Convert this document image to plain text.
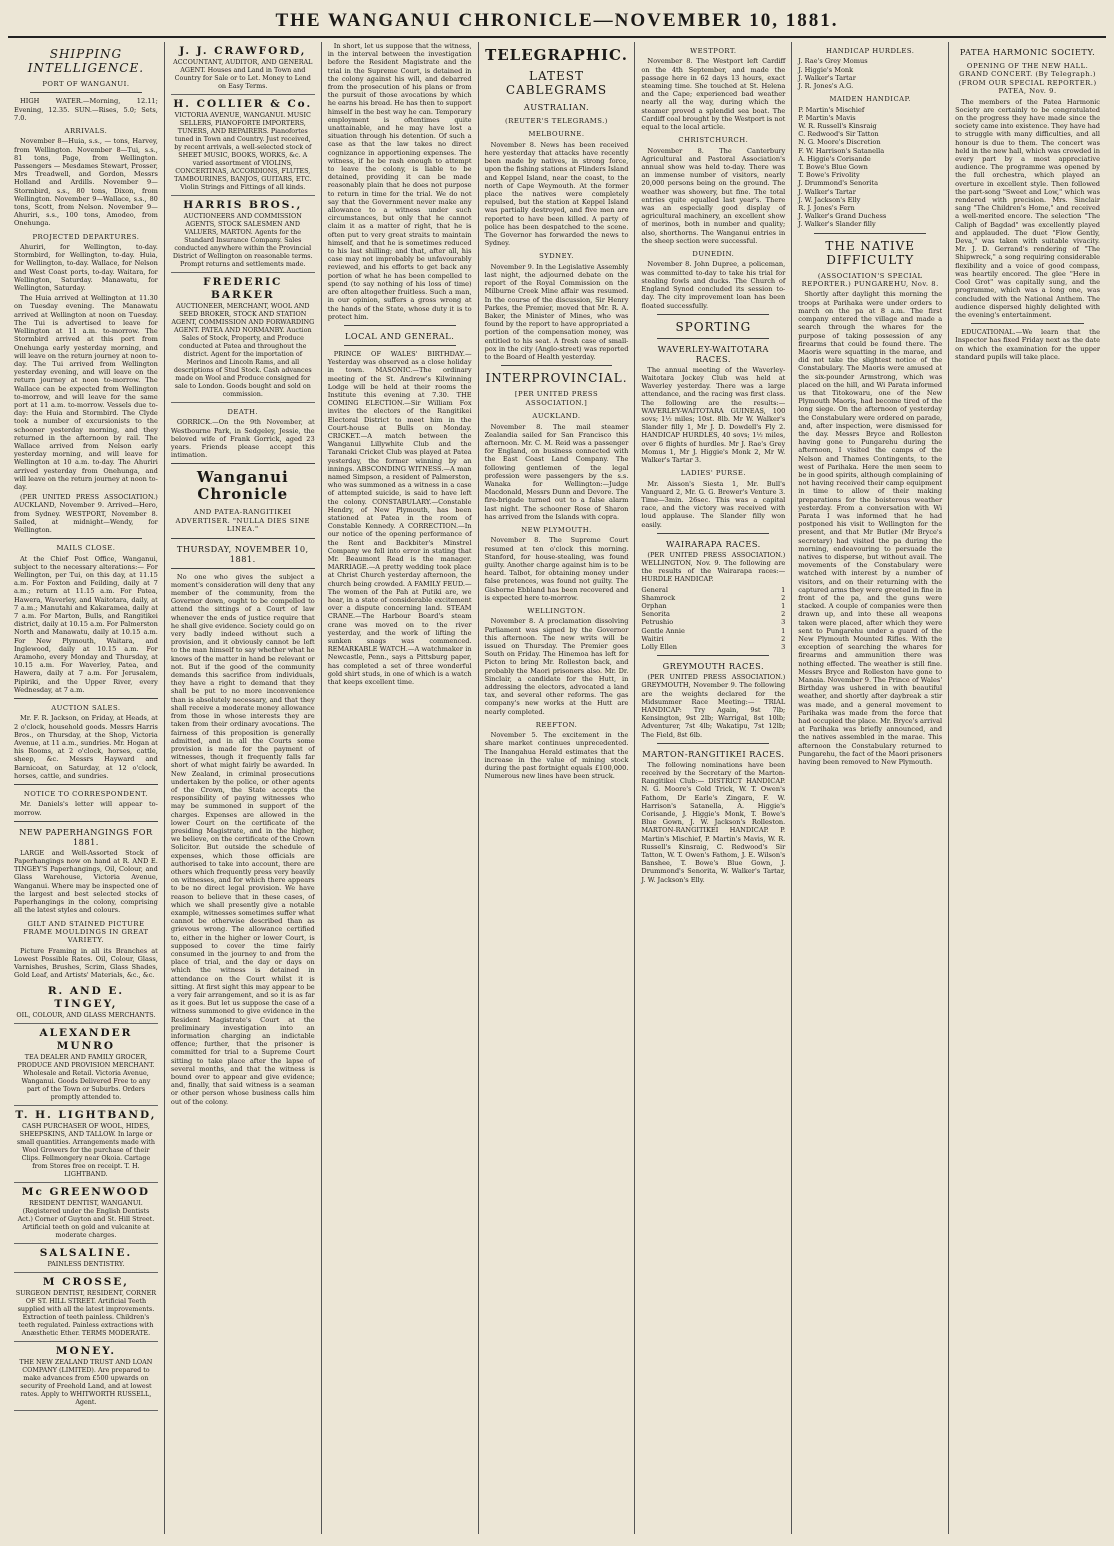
THE WANGANUI CHRONICLE—NOVEMBER 10, 1881.
SHIPPING INTELLIGENCE.
PORT OF WANGANUI.

HIGH WATER.—Morning, 12.11; Evening, 12.35. SUN.—Rises, 5.0; Sets, 7.0.

ARRIVALS.

November 8—Huia, s.s., — tons, Harvey, from Wellington. November 8—Tui, s.s., 81 tons, Page, from Wellington. Passengers — Mesdames Stewart, Prosser, Mrs Treadwell, and Gordon, Messrs Holland and Ardills. November 9—Stormbird, s.s., 80 tons, Dixon, from Wellington. November 9—Wallace, s.s., 80 tons, Scott, from Nelson. November 9—Ahuriri, s.s., 100 tons, Amodeo, from Onehunga.

PROJECTED DEPARTURES.

Ahuriri, for Wellington, to-day. Stormbird, for Wellington, to-day. Huia, for Wellington, to-day. Wallace, for Nelson and West Coast ports, to-day. Waitara, for Wellington, Saturday. Manawatu, for Wellington, Saturday.

The Huia arrived at Wellington at 11.30 on Tuesday evening. The Manawatu arrived at Wellington at noon on Tuesday. The Tui is advertised to leave for Wellington at 11 a.m. to-morrow. The Stormbird arrived at this port from Onehunga early yesterday morning, and will leave on the return journey at noon to-day. The Tui arrived from Wellington yesterday evening, and will leave on the return journey at noon to-morrow. The Wallace can be expected from Wellington to-morrow, and will leave for the same port at 11 a.m. to-morrow. Vessels due to-day: the Huia and Stormbird. The Clyde took a number of excursionists to the schooner yesterday morning, and they returned in the afternoon by rail. The Wallace arrived from Nelson early yesterday morning, and will leave for Wellington at 10 a.m. to-day. The Ahuriri arrived yesterday from Onehunga, and will leave on the return journey at noon to-day.

(PER UNITED PRESS ASSOCIATION.) AUCKLAND, November 9. Arrived—Hero, from Sydney. WESTPORT, November 8. Sailed, at midnight—Wendy, for Wellington.

MAILS CLOSE.

At the Chief Post Office, Wanganui, subject to the necessary alterations:— For Wellington, per Tui, on this day, at 11.15 a.m. For Foxton and Feilding, daily at 7 a.m.; return at 11.15 a.m. For Patea, Hawera, Waverley, and Waitotara, daily, at 7 a.m.; Manutahi and Kakaramea, daily at 7 a.m. For Marton, Bulls, and Rangitikei district, daily at 10.15 a.m. For Palmerston North and Manawatu, daily at 10.15 a.m. For New Plymouth, Waitara, and Inglewood, daily at 10.15 a.m. For Aramoho, every Monday and Thursday, at 10.15 a.m. For Waverley, Patea, and Hawera, daily at 7 a.m. For Jerusalem, Pipiriki, and the Upper River, every Wednesday, at 7 a.m.

AUCTION SALES.

Mr. F. R. Jackson, on Friday, at Heads, at 2 o'clock, household goods. Messrs Harris Bros., on Thursday, at the Shop, Victoria Avenue, at 11 a.m., sundries. Mr. Hogan at his Rooms, at 2 o'clock, horses, cattle, sheep, &c. Messrs Hayward and Barnicoat, on Saturday, at 12 o'clock, horses, cattle, and sundries.

NOTICE TO CORRESPONDENT.

Mr. Daniels's letter will appear to-morrow.

NEW PAPERHANGINGS FOR 1881.

LARGE and Well-Assorted Stock of Paperhangings now on hand at R. AND E. TINGEY'S Paperhangings, Oil, Colour, and Glass Warehouse, Victoria Avenue, Wanganui. Where may be inspected one of the largest and best selected stocks of Paperhangings in the colony, comprising all the latest styles and colours.

GILT AND STAINED PICTURE FRAME MOULDINGS IN GREAT VARIETY.

Picture Framing in all its Branches at Lowest Possible Rates. Oil, Colour, Glass, Varnishes, Brushes, Scrim, Glass Shades, Gold Leaf, and Artists' Materials, &c., &c.

R. AND E. TINGEY,
OIL, COLOUR, AND GLASS MERCHANTS.
ALEXANDER MUNRO
TEA DEALER AND FAMILY GROCER, PRODUCE AND PROVISION MERCHANT. Wholesale and Retail. Victoria Avenue, Wanganui. Goods Delivered Free to any part of the Town or Suburbs. Orders promptly attended to.
T. H. LIGHTBAND,
CASH PURCHASER OF WOOL, HIDES, SHEEPSKINS, AND TALLOW. In large or small quantities. Arrangements made with Wool Growers for the purchase of their Clips. Fellmongery near Okoia. Cartage from Stores free on receipt. T. H. LIGHTBAND.
Mc GREENWOOD
RESIDENT DENTIST, WANGANUI. (Registered under the English Dentists Act.) Corner of Guyton and St. Hill Street. Artificial teeth on gold and vulcanite at moderate charges.
SALSALINE.
PAINLESS DENTISTRY.
M CROSSE,
SURGEON DENTIST, RESIDENT, CORNER OF ST. HILL STREET. Artificial Teeth supplied with all the latest improvements. Extraction of teeth painless. Children's teeth regulated. Painless extractions with Anæsthetic Ether. TERMS MODERATE.
MONEY.
THE NEW ZEALAND TRUST AND LOAN COMPANY (LIMITED). Are prepared to make advances from £500 upwards on security of Freehold Land, and at lowest rates. Apply to WHITWORTH RUSSELL, Agent.
J. J. CRAWFORD,
ACCOUNTANT, AUDITOR, AND GENERAL AGENT. Houses and Land in Town and Country for Sale or to Let. Money to Lend on Easy Terms.
H. COLLIER & Co.
VICTORIA AVENUE, WANGANUI. MUSIC SELLERS, PIANOFORTE IMPORTERS, TUNERS, AND REPAIRERS. Pianofortes tuned in Town and Country. Just received, by recent arrivals, a well-selected stock of SHEET MUSIC, BOOKS, WORKS, &c. A varied assortment of VIOLINS, CONCERTINAS, ACCORDIONS, FLUTES, TAMBOURINES, BANJOS, GUITARS, ETC. Violin Strings and Fittings of all kinds.
HARRIS BROS.,
AUCTIONEERS AND COMMISSION AGENTS, STOCK SALESMEN AND VALUERS, MARTON. Agents for the Standard Insurance Company. Sales conducted anywhere within the Provincial District of Wellington on reasonable terms. Prompt returns and settlements made.
FREDERIC BARKER
AUCTIONEER, MERCHANT, WOOL AND SEED BROKER, STOCK AND STATION AGENT, COMMISSION AND FORWARDING AGENT. PATEA AND NORMANBY. Auction Sales of Stock, Property, and Produce conducted at Patea and throughout the district. Agent for the importation of Merinos and Lincoln Rams, and all descriptions of Stud Stock. Cash advances made on Wool and Produce consigned for sale to London. Goods bought and sold on commission.
DEATH.

GORRICK.—On the 9th November, at Westbourne Park, in Sedgeley, Jessie, the beloved wife of Frank Gorrick, aged 23 years. Friends please accept this intimation.

Wanganui Chronicle
AND PATEA-RANGITIKEI ADVERTISER. "NULLA DIES SINE LINEA."
THURSDAY, NOVEMBER 10, 1881.

No one who gives the subject a moment's consideration will deny that any member of the community, from the Governor down, ought to be compelled to attend the sittings of a Court of law whenever the ends of justice require that he shall give evidence. Society could go on very badly indeed without such a provision, and it obviously cannot be left to the man himself to say whether what he knows of the matter in hand be relevant or not. But if the good of the community demands this sacrifice from individuals, they have a right to demand that they shall be put to no more inconvenience than is absolutely necessary, and that they shall receive a moderate money allowance from those in whose interests they are taken from their ordinary avocations. The fairness of this proposition is generally admitted, and in all the Courts some provision is made for the payment of witnesses, though it frequently falls far short of what might fairly be awarded. In New Zealand, in criminal prosecutions undertaken by the police, or other agents of the Crown, the State accepts the responsibility of paying witnesses who may be summoned in support of the charges. Expenses are allowed in the lower Court on the certificate of the presiding Magistrate, and in the higher, we believe, on the certificate of the Crown Solicitor. But outside the schedule of expenses, which those officials are authorised to take into account, there are others which frequently press very heavily on witnesses, and for which there appears to be no direct legal provision. We have reason to believe that in these cases, of which we shall presently give a notable example, witnesses sometimes suffer what cannot be otherwise described than as grievous wrong. The allowance certified to, either in the higher or lower Court, is supposed to cover the time fairly consumed in the journey to and from the place of trial, and the day or days on which the witness is detained in attendance on the Court whilst it is sitting. At first sight this may appear to be a very fair arrangement, and so it is as far as it goes. But let us suppose the case of a witness summoned to give evidence in the Resident Magistrate's Court at the preliminary investigation into an information charging an indictable offence; further, that the prisoner is committed for trial to a Supreme Court sitting to take place after the lapse of several months, and that the witness is bound over to appear and give evidence; and, finally, that said witness is a seaman or other person whose business calls him out of the colony.

In short, let us suppose that the witness, in the interval between the investigation before the Resident Magistrate and the trial in the Supreme Court, is detained in the colony against his will, and debarred from the prosecution of his plans or from the pursuit of those avocations by which he earns his bread. He has then to support himself in the best way he can. Temporary employment is oftentimes quite unattainable, and he may have lost a situation through his detention. Of such a case as that the law takes no direct cognizance in apportioning expenses. The witness, if he be rash enough to attempt to leave the colony, is liable to be detained, providing it can be made reasonably plain that he does not purpose to return in time for the trial. We do not say that the Government never make any allowance to a witness under such circumstances, but only that he cannot claim it as a matter of right, that he is often put to very great straits to maintain himself, and that he is sometimes reduced to his last shilling; and that, after all, his case may not improbably be unfavourably reviewed, and his efforts to get back any portion of what he has been compelled to spend (to say nothing of his loss of time) are often altogether fruitless. Such a man, in our opinion, suffers a gross wrong at the hands of the State, whose duty it is to protect him.

LOCAL AND GENERAL.

PRINCE OF WALES' BIRTHDAY.—Yesterday was observed as a close holiday in town. MASONIC.—The ordinary meeting of the St. Andrew's Kilwinning Lodge will be held at their rooms the Institute this evening at 7.30. THE COMING ELECTION.—Sir William Fox invites the electors of the Rangitikei Electoral District to meet him in the Court-house at Bulls on Monday. CRICKET.—A match between the Wanganui Lillywhite Club and the Taranaki Cricket Club was played at Patea yesterday, the former winning by an innings. ABSCONDING WITNESS.—A man named Simpson, a resident of Palmerston, who was summoned as a witness in a case of attempted suicide, is said to have left the colony. CONSTABULARY.—Constable Hendry, of New Plymouth, has been stationed at Patea in the room of Constable Kennedy. A CORRECTION.—In our notice of the opening performance of the Rent and Backbiter's Minstrel Company we fell into error in stating that Mr. Beaumont Read is the manager. MARRIAGE.—A pretty wedding took place at Christ Church yesterday afternoon, the church being crowded. A FAMILY FEUD.—The women of the Pah at Putiki are, we hear, in a state of considerable excitement over a dispute concerning land. STEAM CRANE.—The Harbour Board's steam crane was moved on to the river yesterday, and the work of lifting the sunken snags was commenced. REMARKABLE WATCH.—A watchmaker in Newcastle, Penn., says a Pittsburg paper, has completed a set of three wonderful gold shirt studs, in one of which is a watch that keeps excellent time.

TELEGRAPHIC.
LATEST CABLEGRAMS
AUSTRALIAN.
(REUTER'S TELEGRAMS.)
MELBOURNE.

November 8. News has been received here yesterday that attacks have recently been made by natives, in strong force, upon the fishing stations at Flinders Island and Keppel Island, near the coast, to the north of Cape Weymouth. At the former place the natives were completely repulsed, but the station at Keppel Island was partially destroyed, and five men are reported to have been killed. A party of police has been despatched to the scene. The Governor has forwarded the news to Sydney.

SYDNEY.

November 9. In the Legislative Assembly last night, the adjourned debate on the report of the Royal Commission on the Milburne Creek Mine affair was resumed. In the course of the discussion, Sir Henry Parkes, the Premier, moved that Mr. R. A. Baker, the Minister of Mines, who was found by the report to have appropriated a portion of the compensation money, was entitled to his seat. A fresh case of small-pox in the city (Anglo-street) was reported to the Board of Health yesterday.

INTERPROVINCIAL.
[PER UNITED PRESS ASSOCIATION.]
AUCKLAND.

November 8. The mail steamer Zealandia sailed for San Francisco this afternoon. Mr. C. M. Reid was a passenger for England, on business connected with the East Coast Land Company. The following gentlemen of the legal profession were passengers by the s.s. Wanaka for Wellington:—Judge Macdonald, Messrs Dunn and Devore. The fire-brigade turned out to a false alarm last night. The schooner Rose of Sharon has arrived from the Islands with copra.

NEW PLYMOUTH.

November 8. The Supreme Court resumed at ten o'clock this morning. Stanford, for house-stealing, was found guilty. Another charge against him is to be heard. Talbot, for obtaining money under false pretences, was found not guilty. The Gisborne Ebbland has been recovered and is expected here to-morrow.

WELLINGTON.

November 8. A proclamation dissolving Parliament was signed by the Governor this afternoon. The new writs will be issued on Thursday. The Premier goes South on Friday. The Hinemoa has left for Picton to bring Mr. Rolleston back, and probably the Maori prisoners also. Mr. Dr. Sinclair, a candidate for the Hutt, in addressing the electors, advocated a land tax, and several other reforms. The gas company's new works at the Hutt are nearly completed.

REEFTON.

November 5. The excitement in the share market continues unprecedented. The Inangahua Herald estimates that the increase in the value of mining stock during the past fortnight equals £100,000. Numerous new lines have been struck.

WESTPORT.

November 8. The Westport left Cardiff on the 4th September, and made the passage here in 62 days 13 hours, exact steaming time. She touched at St. Helena and the Cape; experienced bad weather nearly all the way, during which the steamer proved a splendid sea boat. The Cardiff coal brought by the Westport is not equal to the local article.

CHRISTCHURCH.

November 8. The Canterbury Agricultural and Pastoral Association's annual show was held to-day. There was an immense number of visitors, nearly 20,000 persons being on the ground. The weather was showery, but fine. The total entries quite equalled last year's. There was an especially good display of agricultural machinery, an excellent show of merinos, both in number and quality; also, shorthorns. The Wanganui entries in the sheep section were successful.

DUNEDIN.

November 8. John Dupree, a policeman, was committed to-day to take his trial for stealing fowls and ducks. The Church of England Synod concluded its session to-day. The city improvement loan has been floated successfully.

SPORTING
WAVERLEY-WAITOTARA RACES.

The annual meeting of the Waverley-Waitotara Jockey Club was held at Waverley yesterday. There was a large attendance, and the racing was first class. The following are the results:— WAVERLEY-WAITOTARA GUINEAS, 100 sovs; 1½ miles; 10st. 8lb. Mr W. Walker's Slander filly 1, Mr J. D. Dowdell's Fly 2. HANDICAP HURDLES, 40 sovs; 1½ miles, over 6 flights of hurdles. Mr J. Rae's Grey Momus 1, Mr J. Higgie's Monk 2, Mr W. Walker's Tartar 3.

LADIES' PURSE.

Mr. Aisson's Siesta 1, Mr. Bull's Vanguard 2, Mr. G. G. Brewer's Venture 3. Time—3min. 26sec. This was a capital race, and the victory was received with loud applause. The Slander filly won easily.

WAIRARAPA RACES.

(PER UNITED PRESS ASSOCIATION.) WELLINGTON, Nov. 9. The following are the results of the Wairarapa races:— HURDLE HANDICAP.

1
General
2
Shamrock
1
Orphan
2
Senorita
3
Petrushio
1
Gentle Annie
2
Waitiri
3
Lolly Ellen
GREYMOUTH RACES.

(PER UNITED PRESS ASSOCIATION.) GREYMOUTH, November 9. The following are the weights declared for the Midsummer Race Meeting:— TRIAL HANDICAP: Try Again, 9st 7lb; Kensington, 9st 2lb; Warrigal, 8st 10lb; Adventurer, 7st 4lb; Wakatipu, 7st 12lb; The Field, 8st 6lb.

MARTON-RANGITIKEI RACES.

The following nominations have been received by the Secretary of the Marton-Rangitikei Club:— DISTRICT HANDICAP. N. G. Moore's Cold Trick, W. T. Owen's Fathom, Dr Earle's Zingara, F. W. Harrison's Satanella, A. Higgie's Corisande, J. Higgie's Monk, T. Bowe's Blue Gown, J. W. Jackson's Rolleston. MARTON-RANGITIKEI HANDICAP. P. Martin's Mischief, P. Martin's Mavis, W. R. Russell's Kinsraig, C. Redwood's Sir Tatton, W. T. Owen's Fathom, J. E. Wilson's Banshee, T. Bowe's Blue Gown, J. Drummond's Senorita, W. Walker's Tartar, J. W. Jackson's Elly.

HANDICAP HURDLES.
J. Rae's Grey Momus
J. Higgie's Monk
J. Walker's Tartar
J. R. Jones's A.G.
MAIDEN HANDICAP.
P. Martin's Mischief
P. Martin's Mavis
W. R. Russell's Kinsraig
C. Redwood's Sir Tatton
N. G. Moore's Discretion
F. W. Harrison's Satanella
A. Higgie's Corisande
T. Bowe's Blue Gown
T. Bowe's Frivolity
J. Drummond's Senorita
J. Walker's Tartar
J. W. Jackson's Elly
R. J. Jones's Fern
J. Walker's Grand Duchess
J. Walker's Slander filly
THE NATIVE DIFFICULTY
(ASSOCIATION'S SPECIAL REPORTER.) PUNGAREHU, Nov. 8.

Shortly after daylight this morning the troops at Parihaka were under orders to march on the pa at 8 a.m. The first company entered the village and made a search through the whares for the purpose of taking possession of any firearms that could be found there. The Maoris were squatting in the marae, and did not take the slightest notice of the Constabulary. The Maoris were amused at the six-pounder Armstrong, which was placed on the hill, and Wi Parata informed us that Titokowaru, one of the New Plymouth Maoris, had become tired of the long siege. On the afternoon of yesterday the Constabulary were ordered on parade, and, after inspection, were dismissed for the day. Messrs Bryce and Rolleston having gone to Pungarehu during the afternoon, I visited the camps of the Nelson and Thames Contingents, to the west of Parihaka. Here the men seem to be in good spirits, although complaining of not having received their camp equipment in time to allow of their making preparations for the boisterous weather yesterday. From a conversation with Wi Parata I was informed that he had postponed his visit to Wellington for the present, and that Mr Butler (Mr Bryce's secretary) had visited the pa during the morning, endeavouring to persuade the natives to disperse, but without avail. The movements of the Constabulary were watched with interest by a number of visitors, and on their returning with the captured arms they were greeted in fine in front of the pa, and the guns were stacked. A couple of companies were then drawn up, and into these all weapons taken were placed, after which they were sent to Pungarehu under a guard of the New Plymouth Mounted Rifles. With the exception of searching the whares for firearms and ammunition there was nothing effected. The weather is still fine. Messrs Bryce and Rolleston have gone to Manaia. November 9. The Prince of Wales' Birthday was ushered in with beautiful weather, and shortly after daybreak a stir was made, and a general movement to Parihaka was made from the force that had occupied the place. Mr. Bryce's arrival at Parihaka was briefly announced, and the natives assembled in the marae. This afternoon the Constabulary returned to Pungarehu, the fact of the Maori prisoners having been removed to New Plymouth.

PATEA HARMONIC SOCIETY.
OPENING OF THE NEW HALL. GRAND CONCERT. (By Telegraph.) (FROM OUR SPECIAL REPORTER.) PATEA, Nov. 9.

The members of the Patea Harmonic Society are certainly to be congratulated on the progress they have made since the society came into existence. They have had to struggle with many difficulties, and all honour is due to them. The concert was held in the new hall, which was crowded in every part by a most appreciative audience. The programme was opened by the full orchestra, which played an overture in excellent style. Then followed the part-song "Sweet and Low," which was rendered with precision. Mrs. Sinclair sang "The Children's Home," and received a well-merited encore. The selection "The Caliph of Bagdad" was excellently played and applauded. The duet "Flow Gently, Deva," was taken with suitable vivacity. Mr. J. D. Gerrand's rendering of "The Shipwreck," a song requiring considerable flexibility and a voice of good compass, was heartily encored. The glee "Here in Cool Grot" was capitally sung, and the programme, which was a long one, was concluded with the National Anthem. The audience dispersed highly delighted with the evening's entertainment.

EDUCATIONAL.—We learn that the Inspector has fixed Friday next as the date on which the examination for the upper standard pupils will take place.
